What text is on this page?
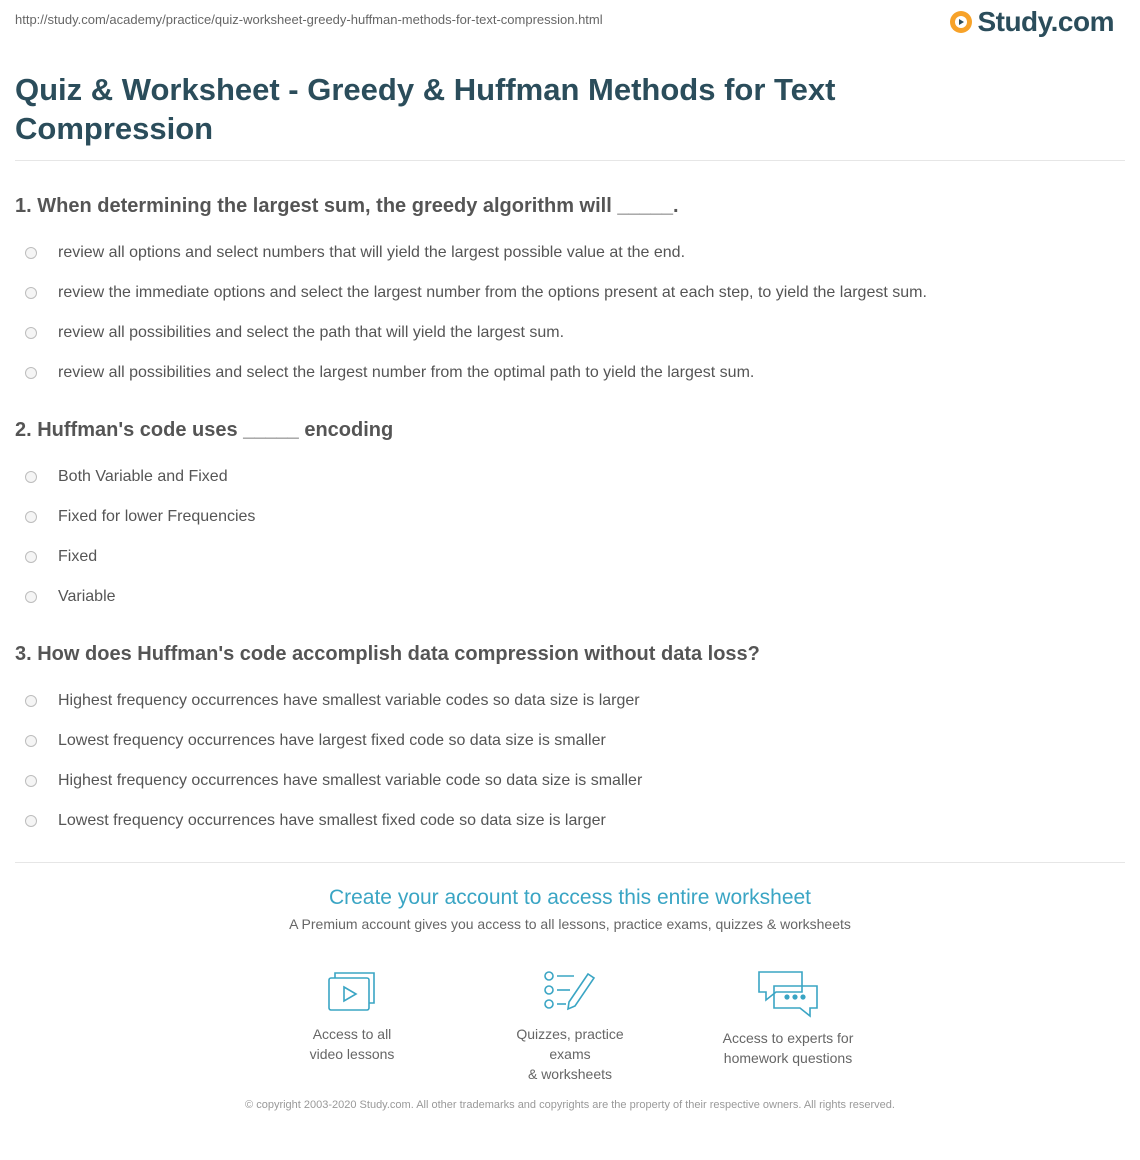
http://study.com/academy/practice/quiz-worksheet-greedy-huffman-methods-for-text-compression.html	Study.com
Quiz & Worksheet - Greedy & Huffman Methods for Text Compression

1. When determining the largest sum, the greedy algorithm will _____.

review all options and select numbers that will yield the largest possible value at the end.
review the immediate options and select the largest number from the options present at each step, to yield the largest sum.
review all possibilities and select the path that will yield the largest sum.
review all possibilities and select the largest number from the optimal path to yield the largest sum.

2. Huffman's code uses _____ encoding

Both Variable and Fixed
Fixed for lower Frequencies
Fixed
Variable

3. How does Huffman's code accomplish data compression without data loss?

Highest frequency occurrences have smallest variable codes so data size is larger
Lowest frequency occurrences have largest fixed code so data size is smaller
Highest frequency occurrences have smallest variable code so data size is smaller
Lowest frequency occurrences have smallest fixed code so data size is larger

Create your account to access this entire worksheet

A Premium account gives you access to all lessons, practice exams, quizzes & worksheets

Access to all
video lessons
Quizzes, practice exams
& worksheets
Access to experts for
homework questions
© copyright 2003-2020 Study.com. All other trademarks and copyrights are the property of their respective owners. All rights reserved.
